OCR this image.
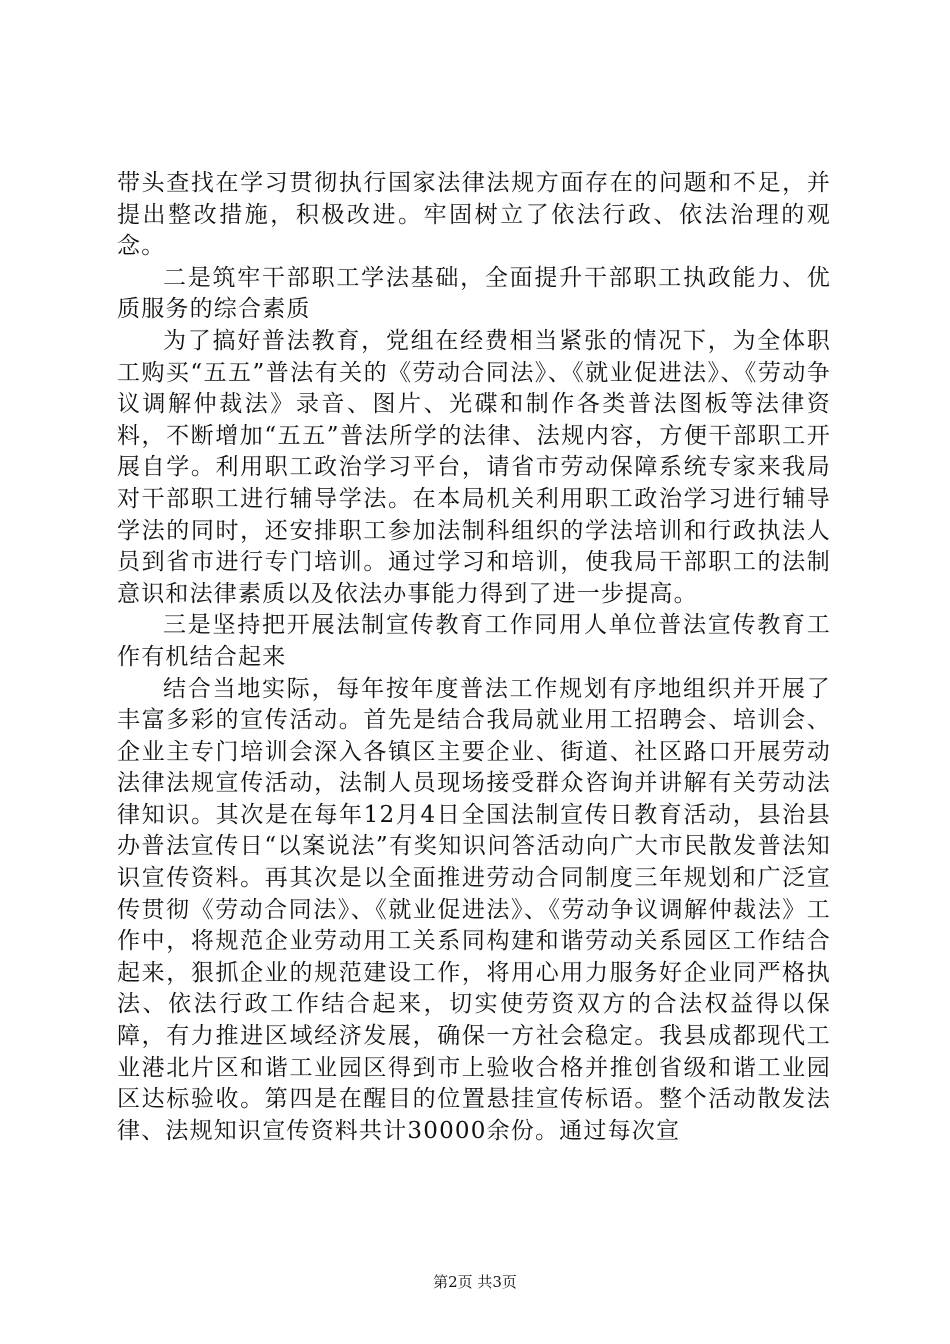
带头查找在学习贯彻执行国家法律法规方面存在的问题和不足，并提出整改措施，积极改进。牢固树立了依法行政、依法治理的观念。

二是筑牢干部职工学法基础，全面提升干部职工执政能力、优质服务的综合素质

为了搞好普法教育，党组在经费相当紧张的情况下，为全体职工购买“五五”普法有关的《劳动合同法》、《就业促进法》、《劳动争议调解仲裁法》录音、图片、光碟和制作各类普法图板等法律资料，不断增加“五五”普法所学的法律、法规内容，方便干部职工开展自学。利用职工政治学习平台，请省市劳动保障系统专家来我局对干部职工进行辅导学法。在本局机关利用职工政治学习进行辅导学法的同时，还安排职工参加法制科组织的学法培训和行政执法人员到省市进行专门培训。通过学习和培训，使我局干部职工的法制意识和法律素质以及依法办事能力得到了进一步提高。

三是坚持把开展法制宣传教育工作同用人单位普法宣传教育工作有机结合起来

结合当地实际，每年按年度普法工作规划有序地组织并开展了丰富多彩的宣传活动。首先是结合我局就业用工招聘会、培训会、企业主专门培训会深入各镇区主要企业、街道、社区路口开展劳动法律法规宣传活动，法制人员现场接受群众咨询并讲解有关劳动法律知识。其次是在每年12月4日全国法制宣传日教育活动，县治县办普法宣传日“以案说法”有奖知识问答活动向广大市民散发普法知识宣传资料。再其次是以全面推进劳动合同制度三年规划和广泛宣传贯彻《劳动合同法》、《就业促进法》、《劳动争议调解仲裁法》工作中，将规范企业劳动用工关系同构建和谐劳动关系园区工作结合起来，狠抓企业的规范建设工作，将用心用力服务好企业同严格执法、依法行政工作结合起来，切实使劳资双方的合法权益得以保障，有力推进区域经济发展，确保一方社会稳定。我县成都现代工业港北片区和谐工业园区得到市上验收合格并推创省级和谐工业园区达标验收。第四是在醒目的位置悬挂宣传标语。整个活动散发法律、法规知识宣传资料共计30000余份。通过每次宣

第2页 共3页
